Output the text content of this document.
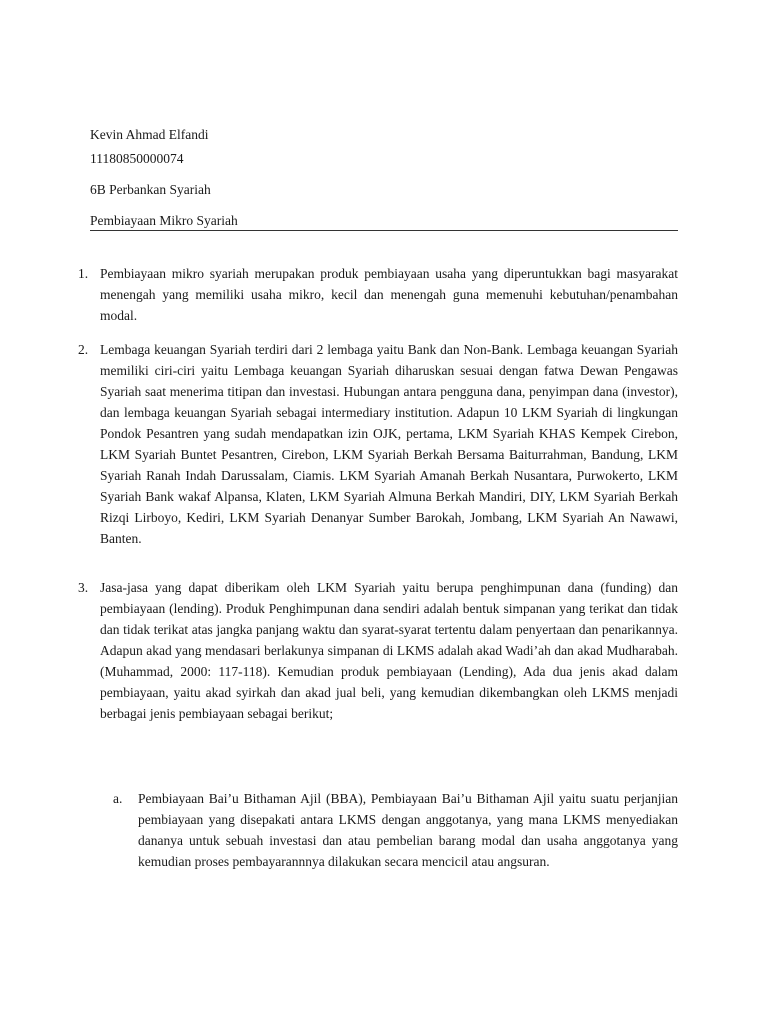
Kevin Ahmad Elfandi
11180850000074
6B Perbankan Syariah
Pembiayaan Mikro Syariah
1. Pembiayaan mikro syariah merupakan produk pembiayaan usaha yang diperuntukkan bagi masyarakat menengah yang memiliki usaha mikro, kecil dan menengah guna memenuhi kebutuhan/penambahan modal.
2. Lembaga keuangan Syariah terdiri dari 2 lembaga yaitu Bank dan Non-Bank. Lembaga keuangan Syariah memiliki ciri-ciri yaitu Lembaga keuangan Syariah diharuskan sesuai dengan fatwa Dewan Pengawas Syariah saat menerima titipan dan investasi. Hubungan antara pengguna dana, penyimpan dana (investor), dan lembaga keuangan Syariah sebagai intermediary institution. Adapun 10 LKM Syariah di lingkungan Pondok Pesantren yang sudah mendapatkan izin OJK, pertama, LKM Syariah KHAS Kempek Cirebon, LKM Syariah Buntet Pesantren, Cirebon, LKM Syariah Berkah Bersama Baiturrahman, Bandung, LKM Syariah Ranah Indah Darussalam, Ciamis. LKM Syariah Amanah Berkah Nusantara, Purwokerto, LKM Syariah Bank wakaf Alpansa, Klaten, LKM Syariah Almuna Berkah Mandiri, DIY, LKM Syariah Berkah Rizqi Lirboyo, Kediri, LKM Syariah Denanyar Sumber Barokah, Jombang, LKM Syariah An Nawawi, Banten.
3. Jasa-jasa yang dapat diberikam oleh LKM Syariah yaitu berupa penghimpunan dana (funding) dan pembiayaan (lending). Produk Penghimpunan dana sendiri adalah bentuk simpanan yang terikat dan tidak dan tidak terikat atas jangka panjang waktu dan syarat-syarat tertentu dalam penyertaan dan penarikannya. Adapun akad yang mendasari berlakunya simpanan di LKMS adalah akad Wadi’ah dan akad Mudharabah. (Muhammad, 2000: 117-118). Kemudian produk pembiayaan (Lending), Ada dua jenis akad dalam pembiayaan, yaitu akad syirkah dan akad jual beli, yang kemudian dikembangkan oleh LKMS menjadi berbagai jenis pembiayaan sebagai berikut;
a. Pembiayaan Bai’u Bithaman Ajil (BBA), Pembiayaan Bai’u Bithaman Ajil yaitu suatu perjanjian pembiayaan yang disepakati antara LKMS dengan anggotanya, yang mana LKMS menyediakan dananya untuk sebuah investasi dan atau pembelian barang modal dan usaha anggotanya yang kemudian proses pembayarannnya dilakukan secara mencicil atau angsuran.
